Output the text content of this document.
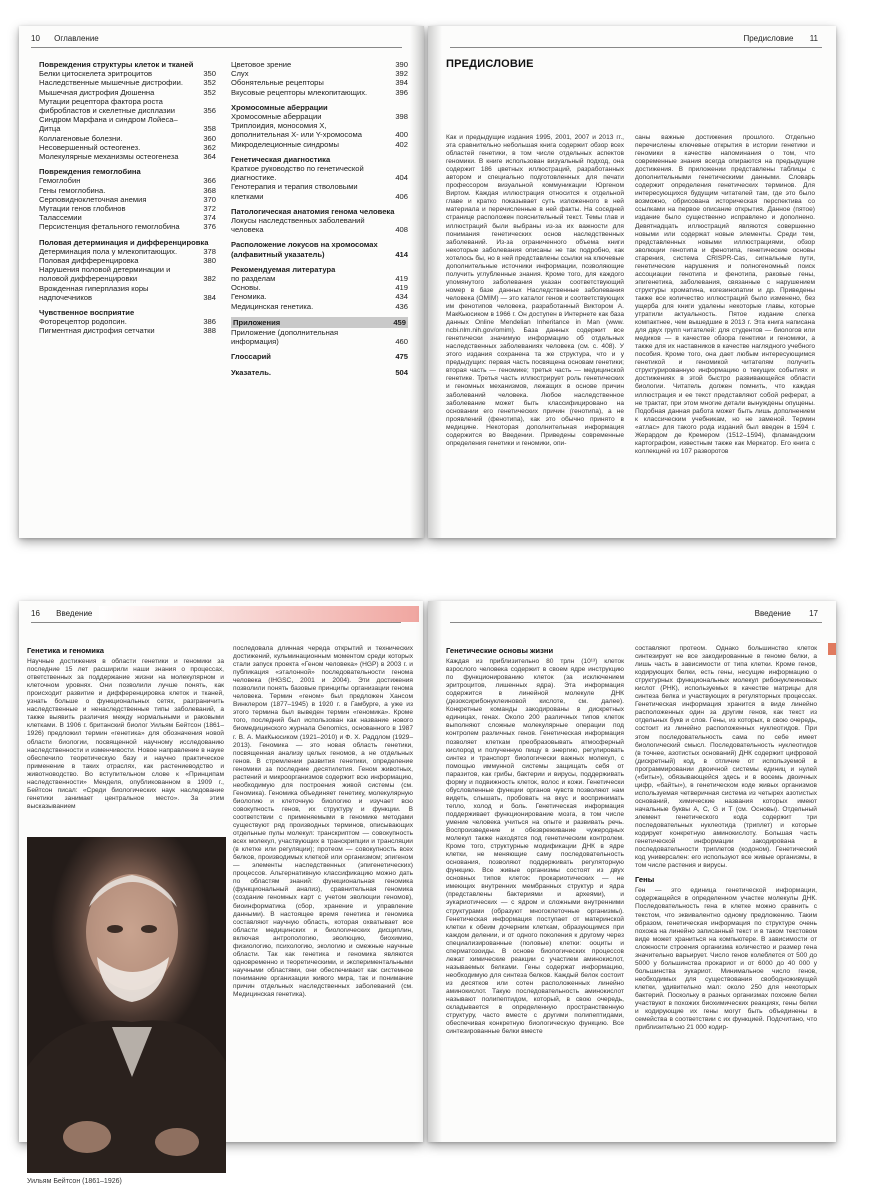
10 Оглавление
Повреждения структуры клеток и тканей
Белки цитоскелета эритроцитов	350
Наследственные мышечные дистрофии.	352
Мышечная дистрофия Дюшенна	352
Мутации рецептора фактора роста фибробластов и скелетные дисплазии	356
Синдром Марфана и синдром Лойеса–Дитца	358
Коллагеновые болезни.	360
Несовершенный остеогенез.	362
Молекулярные механизмы остеогенеза	364
Повреждения гемоглобина
Гемоглобин	366
Гены гемоглобина.	368
Серповидноклеточная анемия	370
Мутации генов глобинов	372
Талассемии	374
Персистенция фетального гемоглобина	376
Половая детерминация и дифференцировка
Детерминация пола у млекопитающих.	378
Половая дифференцировка	380
Нарушения половой детерминации и половой дифференцировки	382
Врожденная гиперплазия коры надпочечников	384
Чувственное восприятие
Фоторецептор родопсин.	386
Пигментная дистрофия сетчатки	388
Цветовое зрение	390
Слух	392
Обонятельные рецепторы	394
Вкусовые рецепторы млекопитающих.	396
Хромосомные аберрации
Хромосомные аберрации	398
Триплоидия, моносомия X, дополнительная X- или Y-хромосома	400
Микроделеционные синдромы	402
Генетическая диагностика
Краткое руководство по генетической диагностике.	404
Генотерапия и терапия стволовыми клетками	406
Патологическая анатомия генома человека
Локусы наследственных заболеваний человека	408
Расположение локусов на хромосомах (алфавитный указатель)	414
Рекомендуемая литература
по разделам	419
Основы.	419
Геномика.	434
Медицинская генетика.	436
Приложения	459
Приложение (дополнительная информация)	460
Глоссарий	475
Указатель.	504
Предисловие 11
ПРЕДИСЛОВИЕ

Как и предыдущие издания 1995, 2001, 2007 и 2013 гг., эта сравнительно небольшая книга содержит обзор всех областей генетики, в том числе отдельных аспектов геномики. В книге использован визуальный подход, она содержит 186 цветных иллюстраций, разработанных автором и специально подготовленных для печати профессором визуальной коммуникации Юргеном Виртом. Каждая иллюстрация относится к отдельной главе и кратко показывает суть изложенного в ней материала и перечисленные в ней факты. На соседней странице расположен пояснительный текст. Темы глав и иллюстраций были выбраны из-за их важности для понимания генетических основ наследственных заболеваний. Из-за ограниченного объема книги некоторые заболевания описаны не так подробно, как хотелось бы, но в ней представлены ссылки на ключевые дополнительные источники информации, позволяющие получить углубленные знания. Кроме того, для каждого упомянутого заболевания указан соответствующий номер в базе данных Наследственные заболевания человека (OMIM) — это каталог генов и соответствующих им фенотипов человека, разработанный Виктором А. МакКьюсиком в 1966 г. Он доступен в Интернете как база данных Online Mendelian Inheritance in Man (www. ncbi.nlm.nih.gov/omim). База данных содержит все генетически значимую информацию об отдельных наследственных заболеваниях человека (см. с. 408). У этого издания сохранена та же структура, что и у предыдущих: первая часть посвящена основам генетики; вторая часть — геномике; третья часть — медицинской генетике. Третья часть иллюстрирует роль генетических и геномных механизмов, лежащих в основе причин заболеваний человека. Любое наследственное заболевание может быть классифицировано на основании его генетических причин (генотипа), а не проявлений (фенотипа), как это обычно принято в медицине. Некоторая дополнительная информация содержится во Введении. Приведены современные определения генетики и геномики, опи-

саны важные достижения прошлого. Отдельно перечислены ключевые открытия в истории генетики и геномики в качестве напоминания о том, что современные знания всегда опираются на предыдущие достижения. В приложении представлены таблицы с дополнительными генетическими данными. Словарь содержит определения генетических терминов. Для интересующихся будущим читателей там, где это было возможно, обрисована историческая перспектива со ссылками на первое описание открытия. Данное (пятое) издание было существенно исправлено и дополнено. Девятнадцать иллюстраций являются совершенно новыми или содержат новые элементы. Среди тем, представленных новыми иллюстрациями, обзор эволюции генотипа и фенотипа, генетические основы старения, система CRISPR-Cas, сигнальные пути, генетические нарушения и полногеномный поиск ассоциации генотипа и фенотипа, раковые гены, эпигенетика, заболевания, связанные с нарушением структуры хроматина, когезинопатии и др. Приведены также все количество иллюстраций было изменено, без ущерба для книги удалены некоторые главы, которые утратили актуальность. Пятое издание слегка компактнее, чем вышедшие в 2013 г. Эта книга написана для двух групп читателей: для студентов — биологов или медиков — в качестве обзора генетики и геномики, а также для их наставников в качестве наглядного учебного пособия. Кроме того, она дает любым интересующимся генетикой и геномикой читателям получить структурированную информацию о текущих событиях и достижениях в этой быстро развивающейся области биологии. Читатель должен помнить, что каждая иллюстрация и ее текст представляют собой реферат, а не трактат, при этом многие детали вынуждены опущены. Подобная данная работа может быть лишь дополнением к классическим учебникам, но не заменой. Термин «атлас» для такого рода изданий был введен в 1594 г. Жерардом де Кремером (1512–1594), фламандским картографом, известным также как Меркатор. Его книга с коллекцией из 107 разворотов

16 Введение
Генетика и геномика

Научные достижения в области генетики и геномики за последние 15 лет расширили наши знания о процессах, ответственных за поддержание жизни на молекулярном и клеточном уровнях. Они позволили лучше понять, как происходит развитие и дифференцировка клеток и тканей, узнать больше о функциональных сетях, разграничить наследственные и ненаследственные типы заболеваний, а также выявить различия между нормальными и раковыми клетками. В 1906 г. британский биолог Уильям Бейтсон (1861–1926) предложил термин «генетика» для обозначения новой области биологии, посвященной научному исследованию наследственности и изменчивости. Новое направление в науке обеспечило теоретическую базу и научно практическое применение в таких отраслях, как растениеводство и животноводство. Во вступительном слове к «Принципам наследственности» Менделя, опубликованном в 1909 г., Бейтсон писал: «Среди биологических наук наследование генетики занимает центральное место». За этим высказыванием

последовала длинная череда открытий и технических достижений, кульминационным моментом среди которых стали запуск проекта «Геном человека» (HGP) в 2003 г. и публикация «эталонной» последовательности генома человека (IHGSC, 2001 и 2004). Эти достижения позволили понять базовые принципы организации генома человека. Термин «геном» был предложен Хансом Винклером (1877–1945) в 1920 г. в Гамбурге, а уже из этого термина был выведен термин «геномика». Кроме того, последний был использован как название нового биомедицинского журнала Genomics, основанного в 1987 г. В. А. МакКьюсиком (1921–2010) и Ф. Х. Раддлом (1929–2013). Геномика — это новая область генетики, посвященная анализу целых геномов, а не отдельных генов. В стремлении развития генетики, определение геномики за последние десятилетия. Геном животных, растений и микроорганизмов содержит всю информацию, необходимую для построения живой системы (см. Геномика). Геномика объединяет генетику, молекулярную биологию и клеточную биологию и изучает всю совокупность генов, их структуру и функции. В соответствии с применяемыми в геномике методами существуют ряд производных терминов, описывающих отдельные пулы молекул: транскриптом — совокупность всех молекул, участвующих в транскрипции и трансляции (в клетке или регуляции); протеом — совокупность всех белков, производимых клеткой или организмом; эпигеном — элементы наследственных (эпигенетических) процессов. Альтернативную классификацию можно дать по областям знаний: функциональная геномика (функциональный анализ), сравнительная геномика (создание геномных карт с учетом эволюции геномов), биоинформатика (сбор, хранение и управление данными). В настоящее время генетика и геномика составляют научную область, которая охватывает все области медицинских и биологических дисциплин, включая антропологию, эволюцию, биохимию, физиологию, психологию, экологию и смежные научные области. Так как генетика и геномика являются одновременно и теоретическими, и экспериментальными научными областями, они обеспечивают как системное понимание организации живого мира, так и понимание причин отдельных наследственных заболеваний (см. Медицинская генетика).

Уильям Бейтсон (1861–1926)
Введение 17
Генетические основы жизни

Каждая из приблизительно 80 трлн (10¹³) клеток взрослого человека содержит в своем ядре инструкцию по функционированию клеток (за исключением эритроцитов, лишенных ядра). Эта информация содержится в линейной молекуле ДНК (дезоксирибонуклеиновой кислоте, см. далее). Конкретные команды закодированы в дискретных единицах, генах. Около 200 различных типов клеток выполняют сложные молекулярные операции под контролем различных генов. Генетическая информация позволяет клеткам преобразовывать атмосферный кислород и полученную пищу в энергию, регулировать синтез и транспорт биологически важных молекул, с помощью иммунной системы защищать себя от паразитов, как грибы, бактерии и вирусы, поддерживать форму и подвижность клеток, волос и кожи. Генетически обусловленные функции органов чувств позволяют нам видеть, слышать, пробовать на вкус и воспринимать тепло, холод и боль. Генетическая информация поддерживает функционирование мозга, в том числе умение человека учиться на опыте и развивать речь. Воспроизведение и обезвреживание чужеродных молекул также находятся под генетическим контролем. Кроме того, структурные модификации ДНК в ядре клетки, не меняющие саму последовательность основания, позволяют поддерживать регуляторную функцию. Все живые организмы состоят из двух основных типов клеток: прокариотических — не имеющих внутренних мембранных структур и ядра (представлены бактериями и археями), и эукариотических — с ядром и сложными внутренними структурами (образуют многоклеточные организмы). Генетическая информация поступает от материнской клетки к обеим дочерним клеткам, образующимся при каждом делении, и от одного поколения к другому через специализированные (половые) клетки: ооциты и сперматозоиды. В основе биологических процессов лежат химические реакции с участием аминокислот, называемых белками. Гены содержат информацию, необходимую для синтеза белков. Каждый белок состоит из десятков или сотен расположенных линейно аминокислот. Такую последовательность аминокислот называют полипептидом, который, в свою очередь, складывается в определенную пространственную структуру, часто вместе с другими полипептидами, обеспечивая конкретную биологическую функцию. Все синтезированные белки вместе

составляют протеом. Однако большинство клеток синтезирует не все закодированные в геноме белки, а лишь часть в зависимости от типа клетки. Кроме генов, кодирующих белки, есть гены, несущие информацию о структурных функциональных молекул рибонуклеиновых кислот (РНК), используемых в качестве матрицы для синтеза белка и участвующих в регуляторных процессах. Генетическая информация хранится в виде линейно расположенных один за другим генов, как текст из отдельных букв и слов. Гены, из которых, в свою очередь, состоит из линейно расположенных нуклеотидов. При этом последовательность сама по себе имеет биологический смысл. Последовательность нуклеотидов (в точнее, азотистых оснований) ДНК содержит цифровой (дискретный) код, в отличие от используемой в программировании двоичной системы единиц и нулей («биты»), обязывающейся здесь и в восемь двоичных цифр, «байты»), в генетическом коде живых организмов используемая четверичная система из четырех азотистых оснований, химические названия которых имеют начальные буквы A, C, G и T (см. Основы). Отдельный элемент генетического кода содержит три последовательных нуклеотида (триплет) и которые кодирует конкретную аминокислоту. Большая часть генетической информации закодирована в последовательности триплетов (кодоном). Генетический код универсален: его используют все живые организмы, в том числе растения и вирусы.

Гены

Ген — это единица генетической информации, содержащейся в определенном участке молекулы ДНК. Последовательность гена в клетке можно сравнить с текстом, что эквивалентно одному предложению. Таким образом, генетическая информация по структуре очень похожа на линейно записанный текст и в таком текстовом виде может храниться на компьютере. В зависимости от сложности строения организма количество и размер гена значительно варьирует. Число генов колеблется от 500 до 5000 у большинства прокариот и от 6000 до 40 000 у большинства эукариот. Минимальное число генов, необходимых для существования свободноживущей клетки, удивительно мал: около 250 для некоторых бактерий. Поскольку в разных организмах похожие белки участвуют в похожих биохимических реакциях, гены белки и кодирующие их гены могут быть объединены в семейства в соответствии с их функцией. Подсчитано, что приблизительно 21 000 кодир-
